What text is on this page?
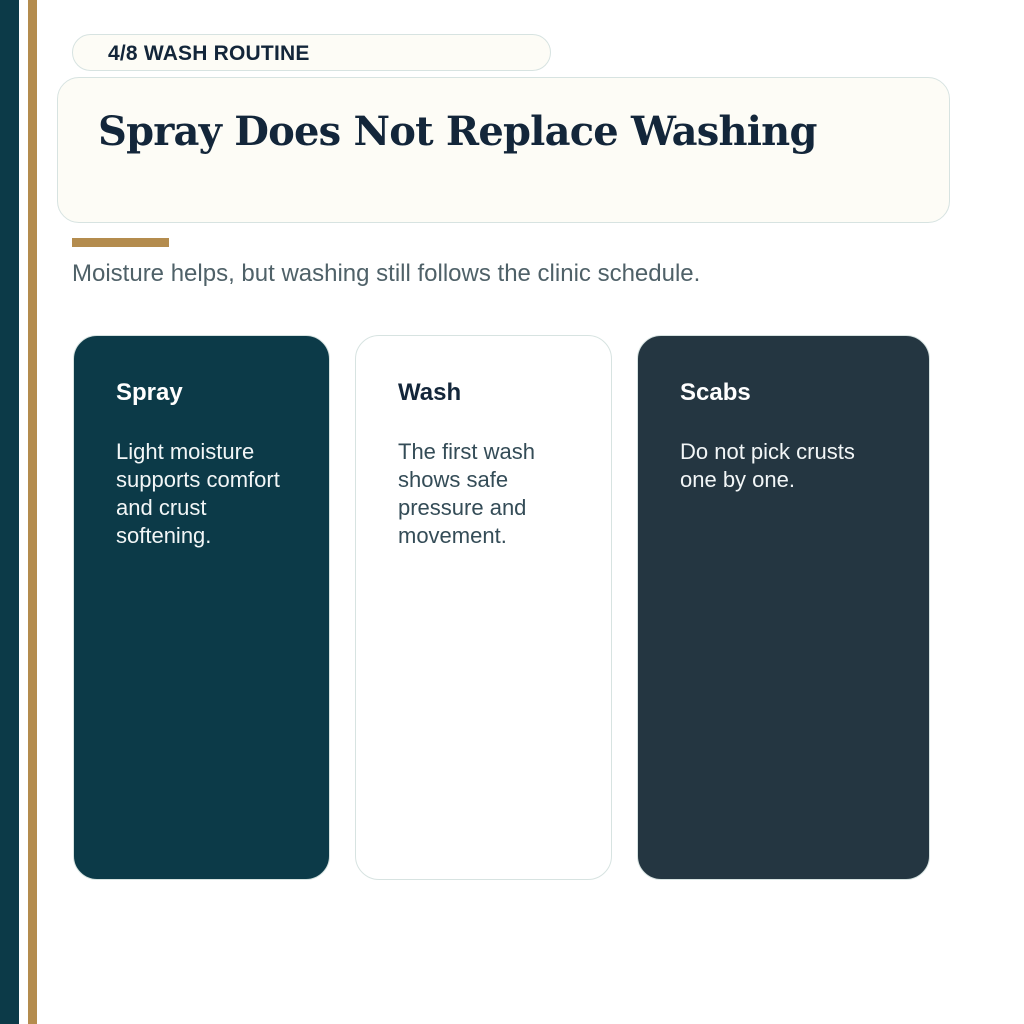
4/8 WASH ROUTINE
Spray Does Not Replace Washing

Moisture helps, but washing still follows the clinic schedule.

Spray

Light moisture supports comfort and crust softening.

Wash

The first wash shows safe pressure and movement.

Scabs

Do not pick crusts one by one.
